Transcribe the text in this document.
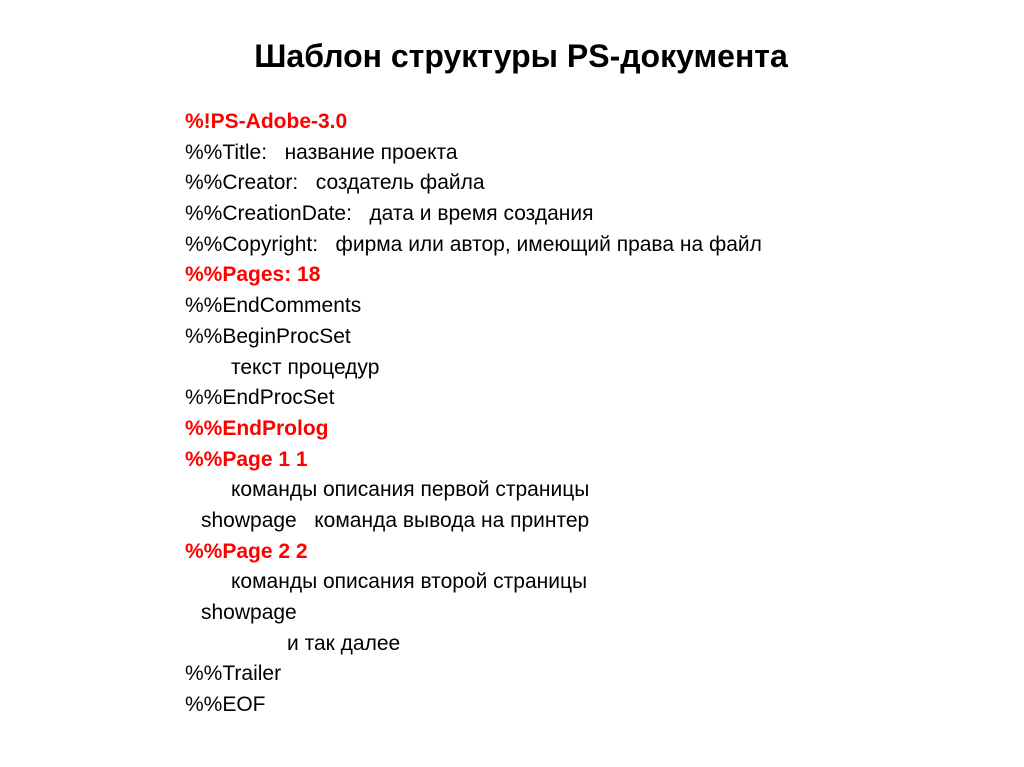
Шаблон структуры PS-документа
%!PS-Adobe-3.0
%%Title:   название проекта
%%Creator:   создатель файла
%%CreationDate:   дата и время создания
%%Copyright:   фирма или автор, имеющий права на файл
%%Pages: 18
%%EndComments
%%BeginProcSet
текст процедур
%%EndProcSet
%%EndProlog
%%Page 1 1
команды описания первой страницы
showpage   команда вывода на принтер
%%Page 2 2
команды описания второй страницы
showpage
и так далее
%%Trailer
%%EOF
